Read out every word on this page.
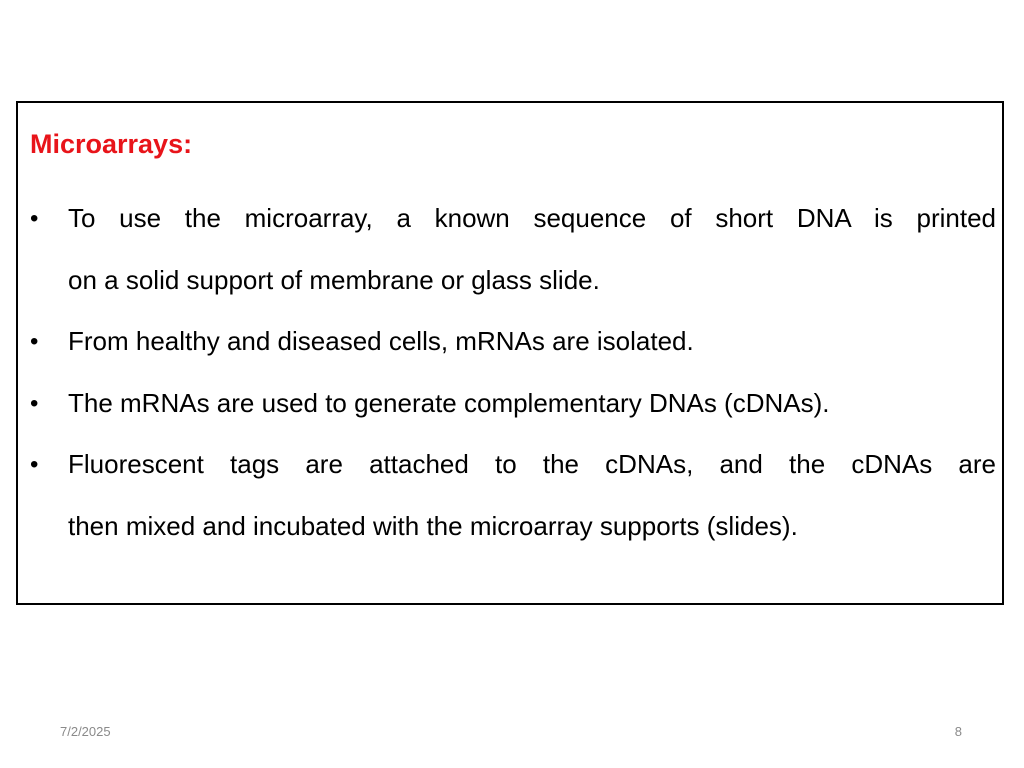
Microarrays:
• To use the microarray, a known sequence of short DNA is printed
on a solid support of membrane or glass slide.
• From healthy and diseased cells, mRNAs are isolated.
• The mRNAs are used to generate complementary DNAs (cDNAs).
• Fluorescent tags are attached to the cDNAs, and the cDNAs are
then mixed and incubated with the microarray supports (slides).
7/2/2025	8
